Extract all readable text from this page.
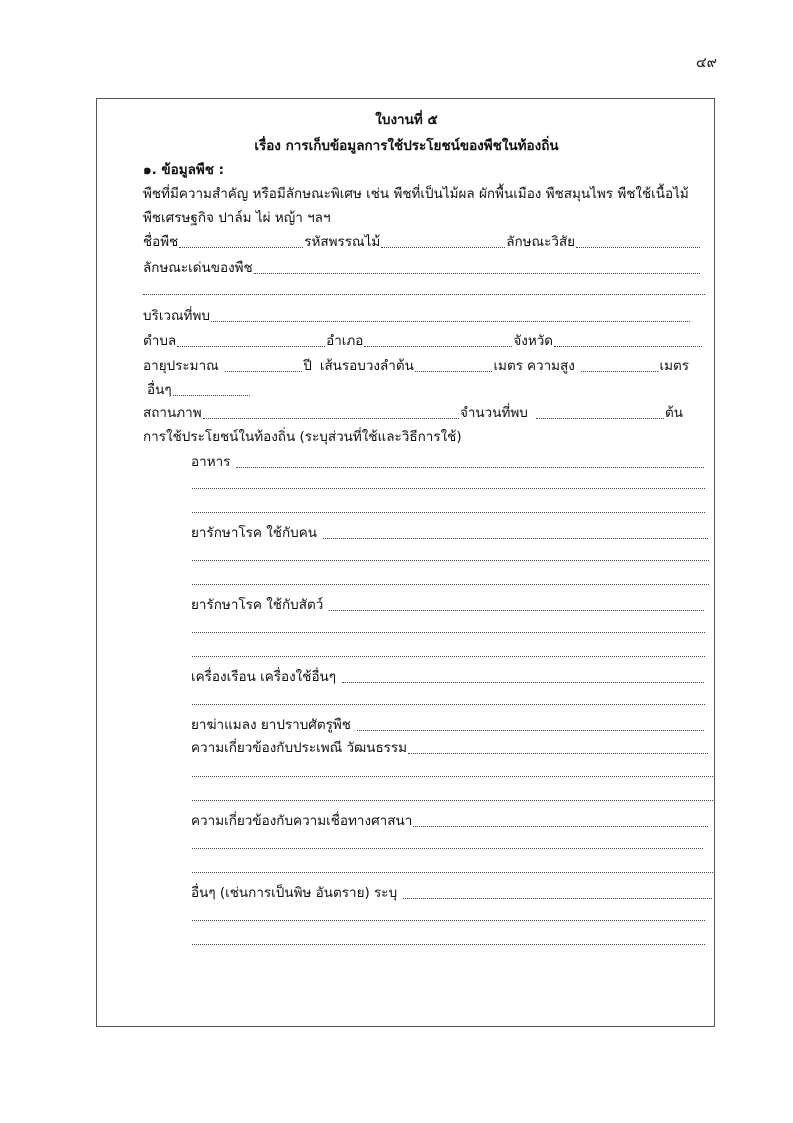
๔๙
ใบงานที่ ๕
เรื่อง การเก็บข้อมูลการใช้ประโยชน์ของพืชในท้องถิ่น
๑. ข้อมูลพืช :
พืชที่มีความสำคัญ หรือมีลักษณะพิเศษ เช่น พืชที่เป็นไม้ผล ผักพื้นเมือง พืชสมุนไพร พืชใช้เนื้อไม้
พืชเศรษฐกิจ ปาล์ม ไผ่ หญ้า ฯลฯ
ชื่อพืช	รหัสพรรณไม้	ลักษณะวิสัย
ลักษณะเด่นของพืช
บริเวณที่พบ
ตำบล	อำเภอ	จังหวัด
อายุประมาณ	ปี เส้นรอบวงลำต้น	เมตร ความสูง	เมตร
อื่นๆ
สถานภาพ	จำนวนที่พบ	ต้น
การใช้ประโยชน์ในท้องถิ่น (ระบุส่วนที่ใช้และวิธีการใช้)
อาหาร
ยารักษาโรค ใช้กับคน
ยารักษาโรค ใช้กับสัตว์
เครื่องเรือน เครื่องใช้อื่นๆ
ยาฆ่าแมลง ยาปราบศัตรูพืช
ความเกี่ยวข้องกับประเพณี วัฒนธรรม
ความเกี่ยวข้องกับความเชื่อทางศาสนา
อื่นๆ (เช่นการเป็นพิษ อันตราย) ระบุ
